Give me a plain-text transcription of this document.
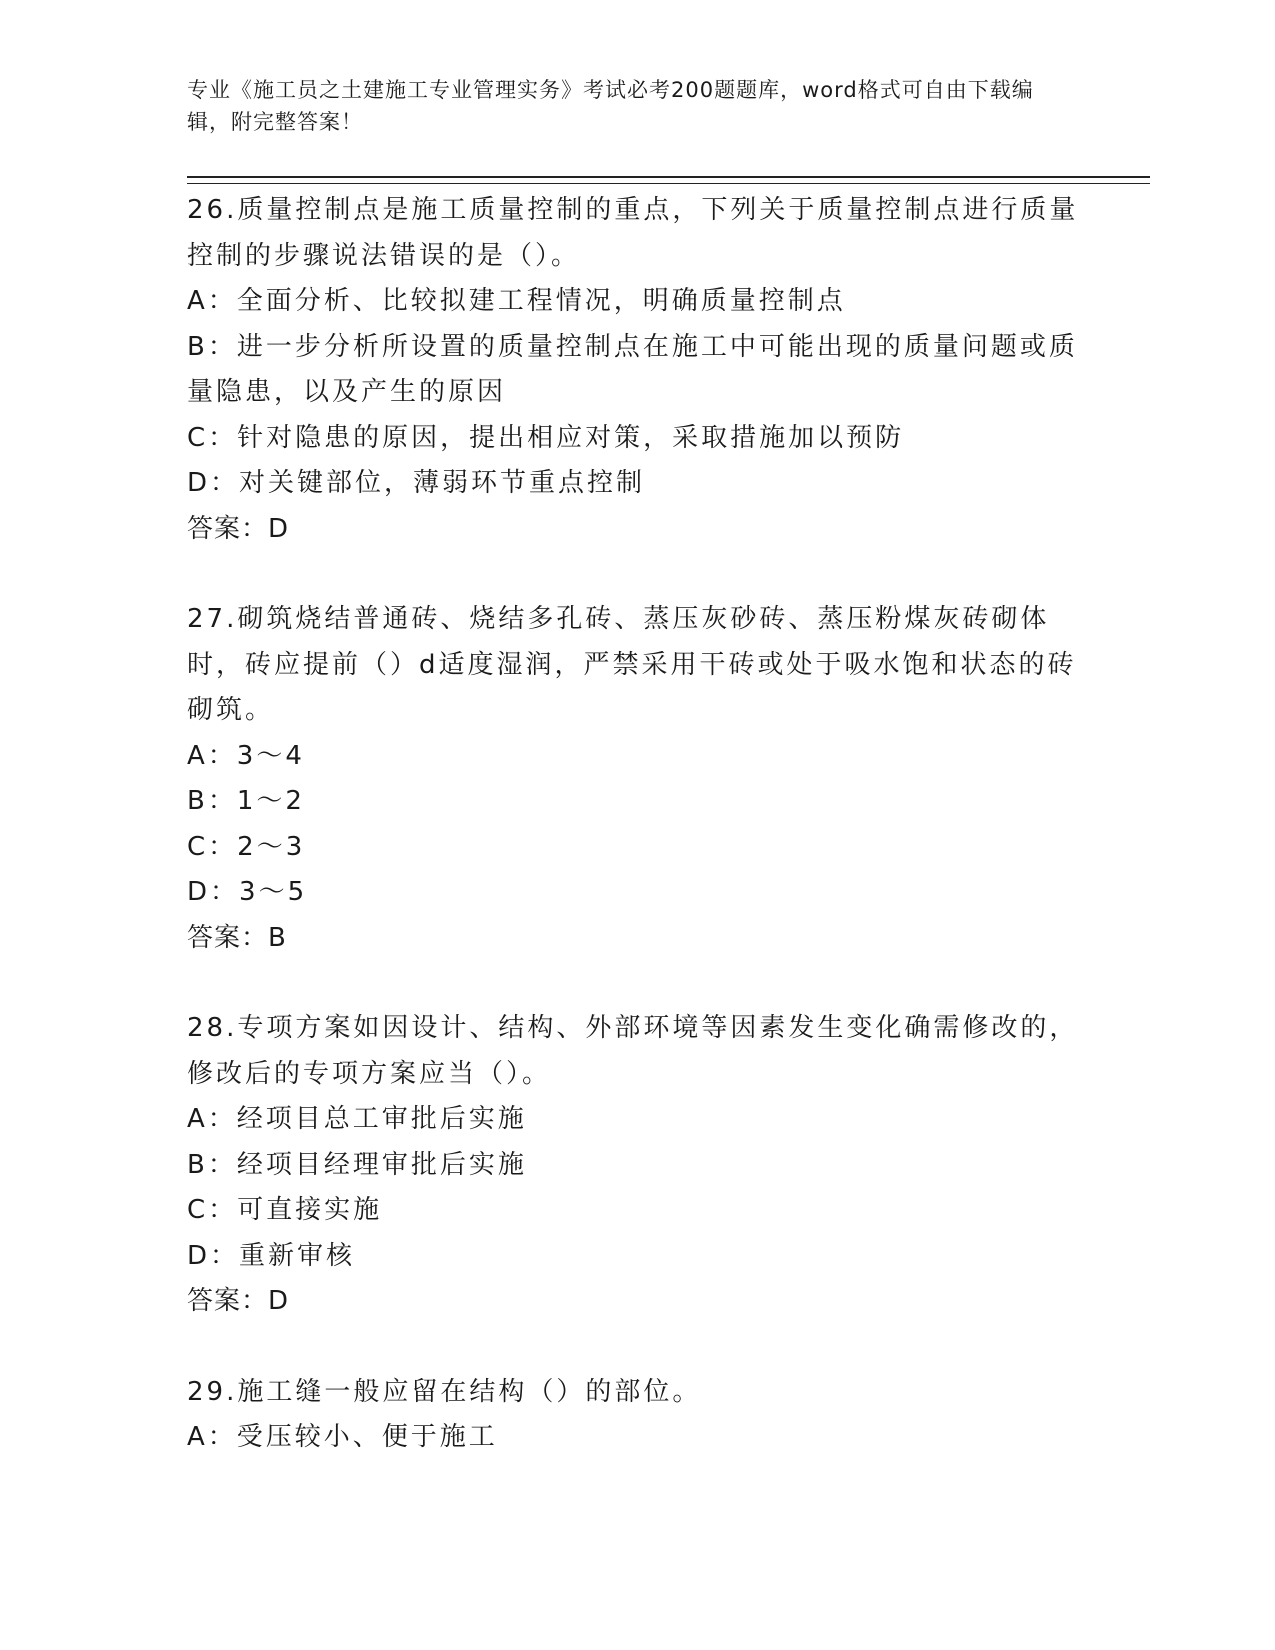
专业《施工员之土建施工专业管理实务》考试必考200题题库，word格式可自由下载编辑，附完整答案！

26.质量控制点是施工质量控制的重点，下列关于质量控制点进行质量控制的步骤说法错误的是（）。

A：全面分析、比较拟建工程情况，明确质量控制点

B：进一步分析所设置的质量控制点在施工中可能出现的质量问题或质量隐患，以及产生的原因

C：针对隐患的原因，提出相应对策，采取措施加以预防

D：对关键部位，薄弱环节重点控制

答案：D

27.砌筑烧结普通砖、烧结多孔砖、蒸压灰砂砖、蒸压粉煤灰砖砌体时，砖应提前（）d适度湿润，严禁采用干砖或处于吸水饱和状态的砖砌筑。

A：3～4

B：1～2

C：2～3

D：3～5

答案：B

28.专项方案如因设计、结构、外部环境等因素发生变化确需修改的，修改后的专项方案应当（）。

A：经项目总工审批后实施

B：经项目经理审批后实施

C：可直接实施

D：重新审核

答案：D

29.施工缝一般应留在结构（）的部位。

A：受压较小、便于施工
